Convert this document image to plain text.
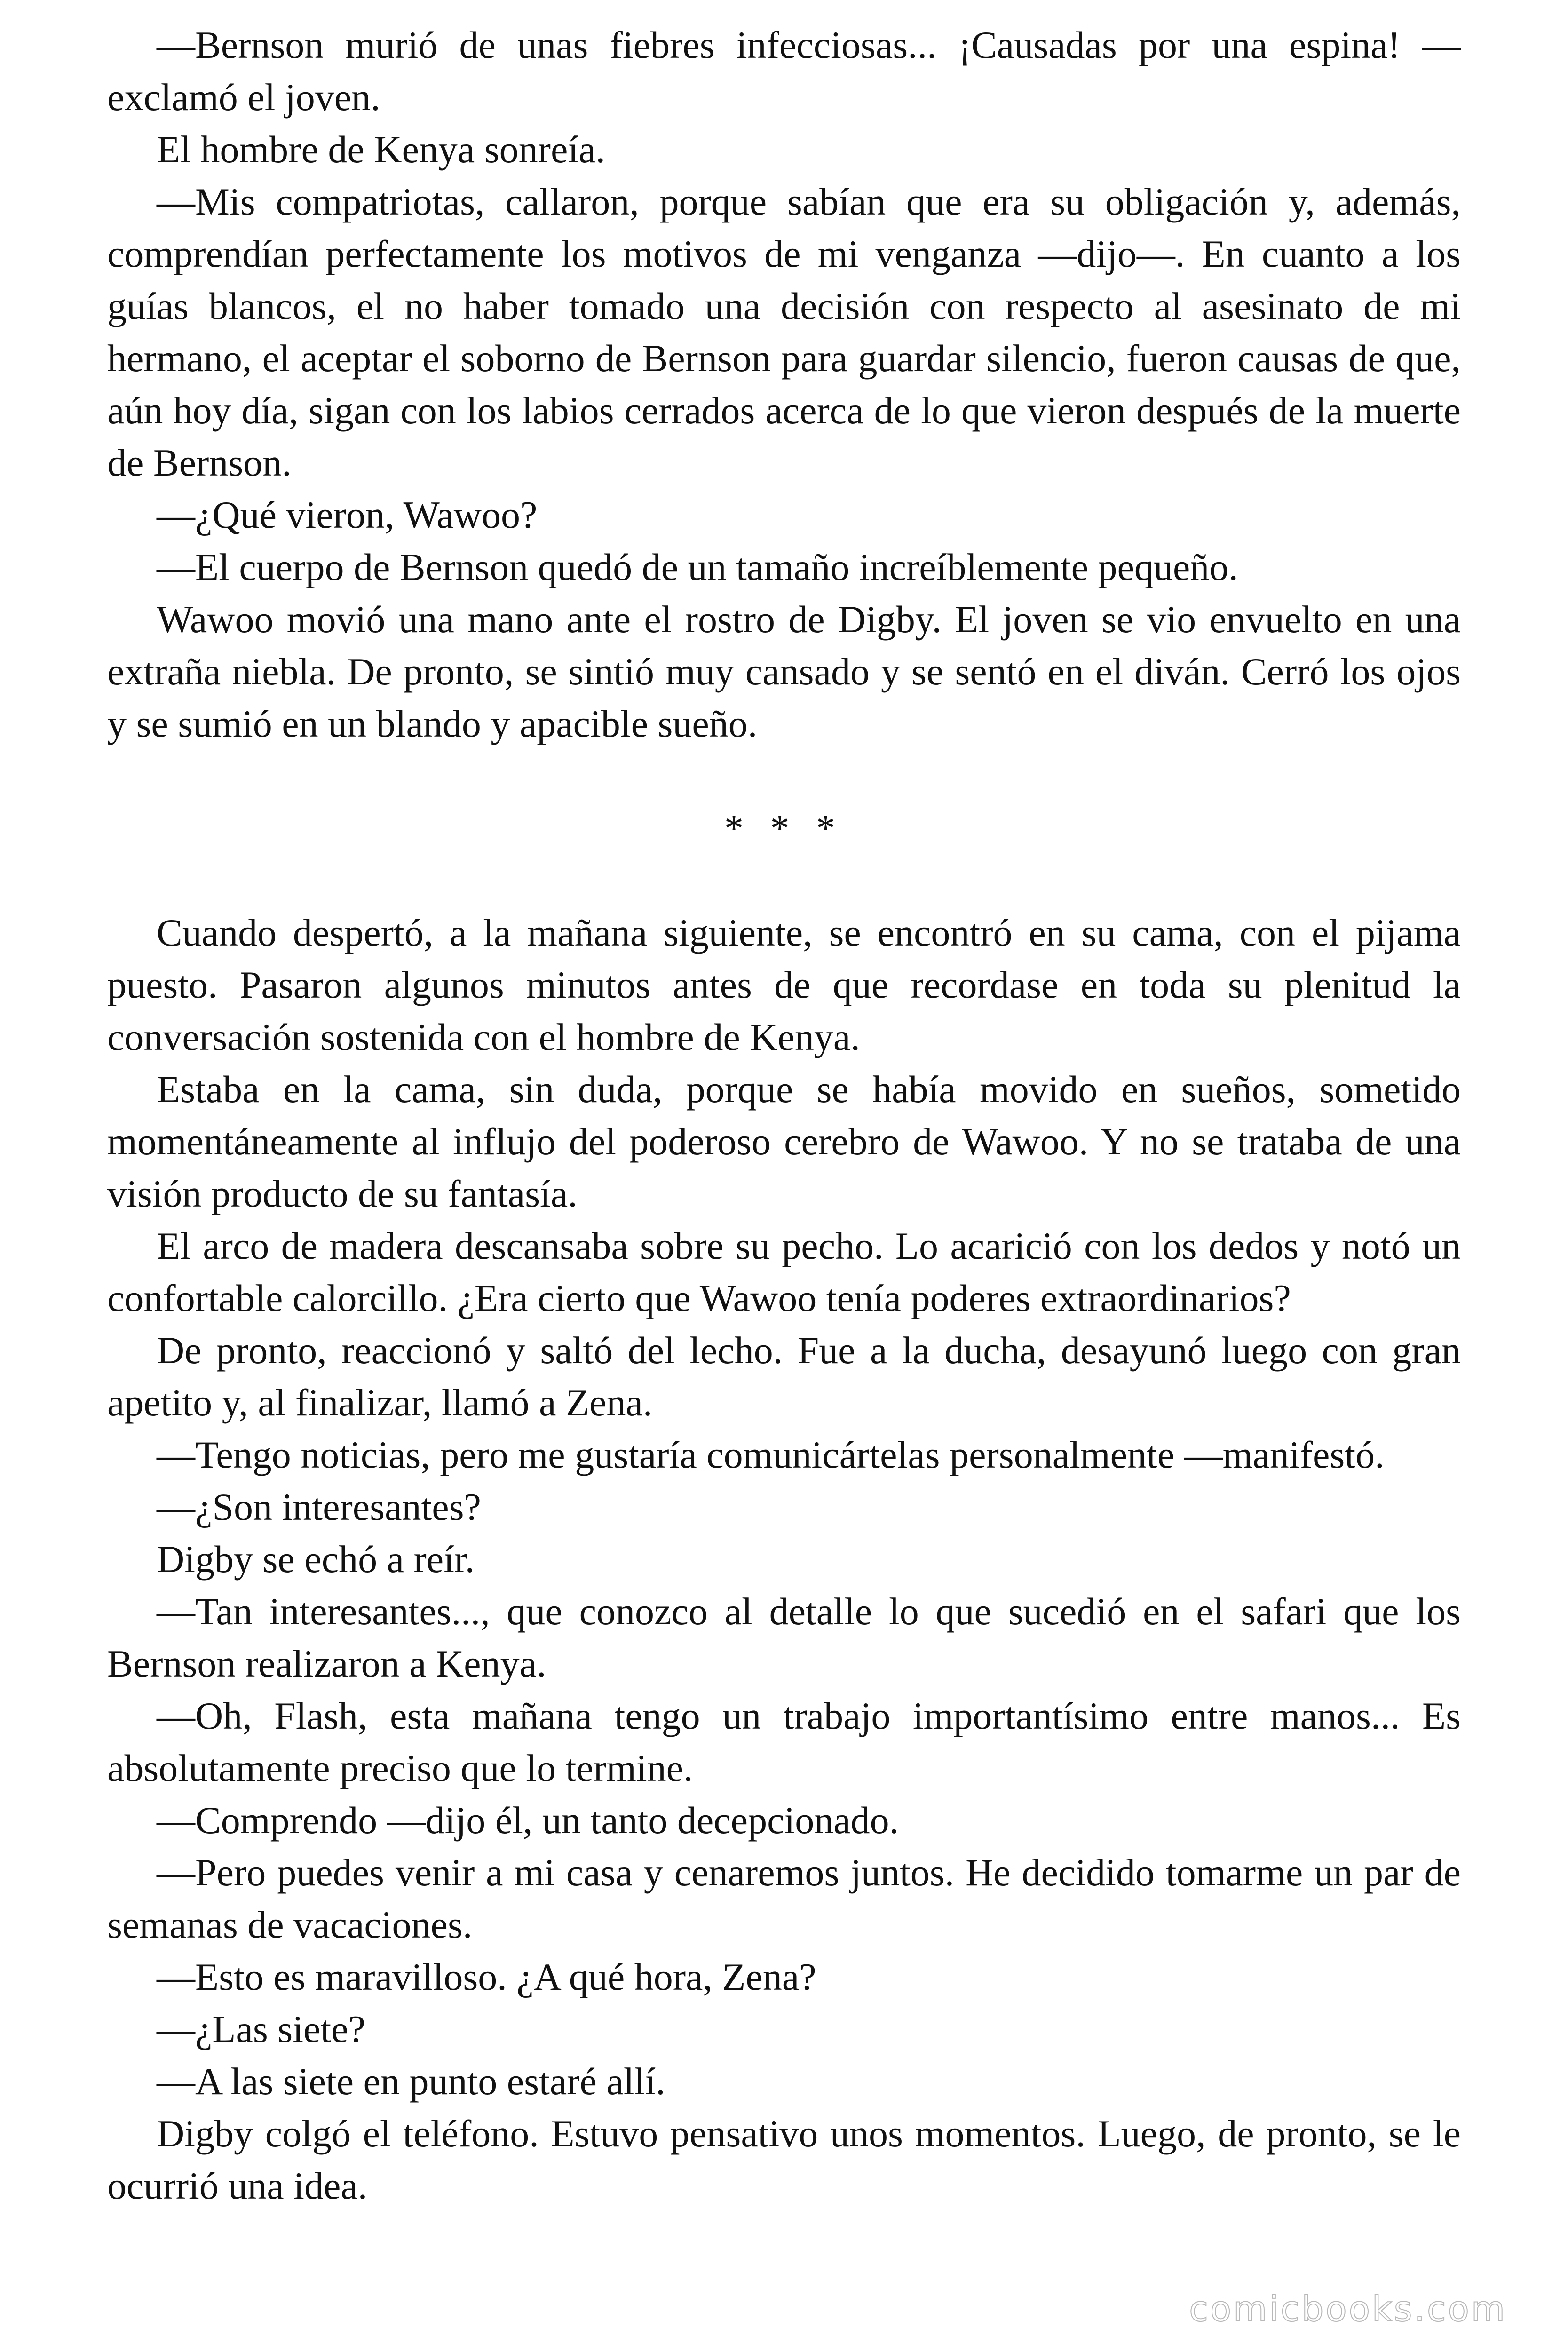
—Bernson murió de unas fiebres infecciosas... ¡Causadas por una espina! —exclamó el joven.

El hombre de Kenya sonreía.

—Mis compatriotas, callaron, porque sabían que era su obligación y, además, comprendían perfectamente los motivos de mi venganza —dijo—. En cuanto a los guías blancos, el no haber tomado una decisión con respecto al asesinato de mi hermano, el aceptar el soborno de Bernson para guardar silencio, fueron causas de que, aún hoy día, sigan con los labios cerrados acerca de lo que vieron después de la muerte de Bernson.

—¿Qué vieron, Wawoo?

—El cuerpo de Bernson quedó de un tamaño increíblemente pequeño.

Wawoo movió una mano ante el rostro de Digby. El joven se vio envuelto en una extraña niebla. De pronto, se sintió muy cansado y se sentó en el diván. Cerró los ojos y se sumió en un blando y apacible sueño.

* * *

Cuando despertó, a la mañana siguiente, se encontró en su cama, con el pijama puesto. Pasaron algunos minutos antes de que recordase en toda su plenitud la conversación sostenida con el hombre de Kenya.

Estaba en la cama, sin duda, porque se había movido en sueños, sometido momentáneamente al influjo del poderoso cerebro de Wawoo. Y no se trataba de una visión producto de su fantasía.

El arco de madera descansaba sobre su pecho. Lo acarició con los dedos y notó un confortable calorcillo. ¿Era cierto que Wawoo tenía poderes extraordinarios?

De pronto, reaccionó y saltó del lecho. Fue a la ducha, desayunó luego con gran apetito y, al finalizar, llamó a Zena.

—Tengo noticias, pero me gustaría comunicártelas personalmente —manifestó.

—¿Son interesantes?

Digby se echó a reír.

—Tan interesantes..., que conozco al detalle lo que sucedió en el safari que los Bernson realizaron a Kenya.

—Oh, Flash, esta mañana tengo un trabajo importantísimo entre manos... Es absolutamente preciso que lo termine.

—Comprendo —dijo él, un tanto decepcionado.

—Pero puedes venir a mi casa y cenaremos juntos. He decidido tomarme un par de semanas de vacaciones.

—Esto es maravilloso. ¿A qué hora, Zena?

—¿Las siete?

—A las siete en punto estaré allí.

Digby colgó el teléfono. Estuvo pensativo unos momentos. Luego, de pronto, se le ocurrió una idea.

comicbooks.com
